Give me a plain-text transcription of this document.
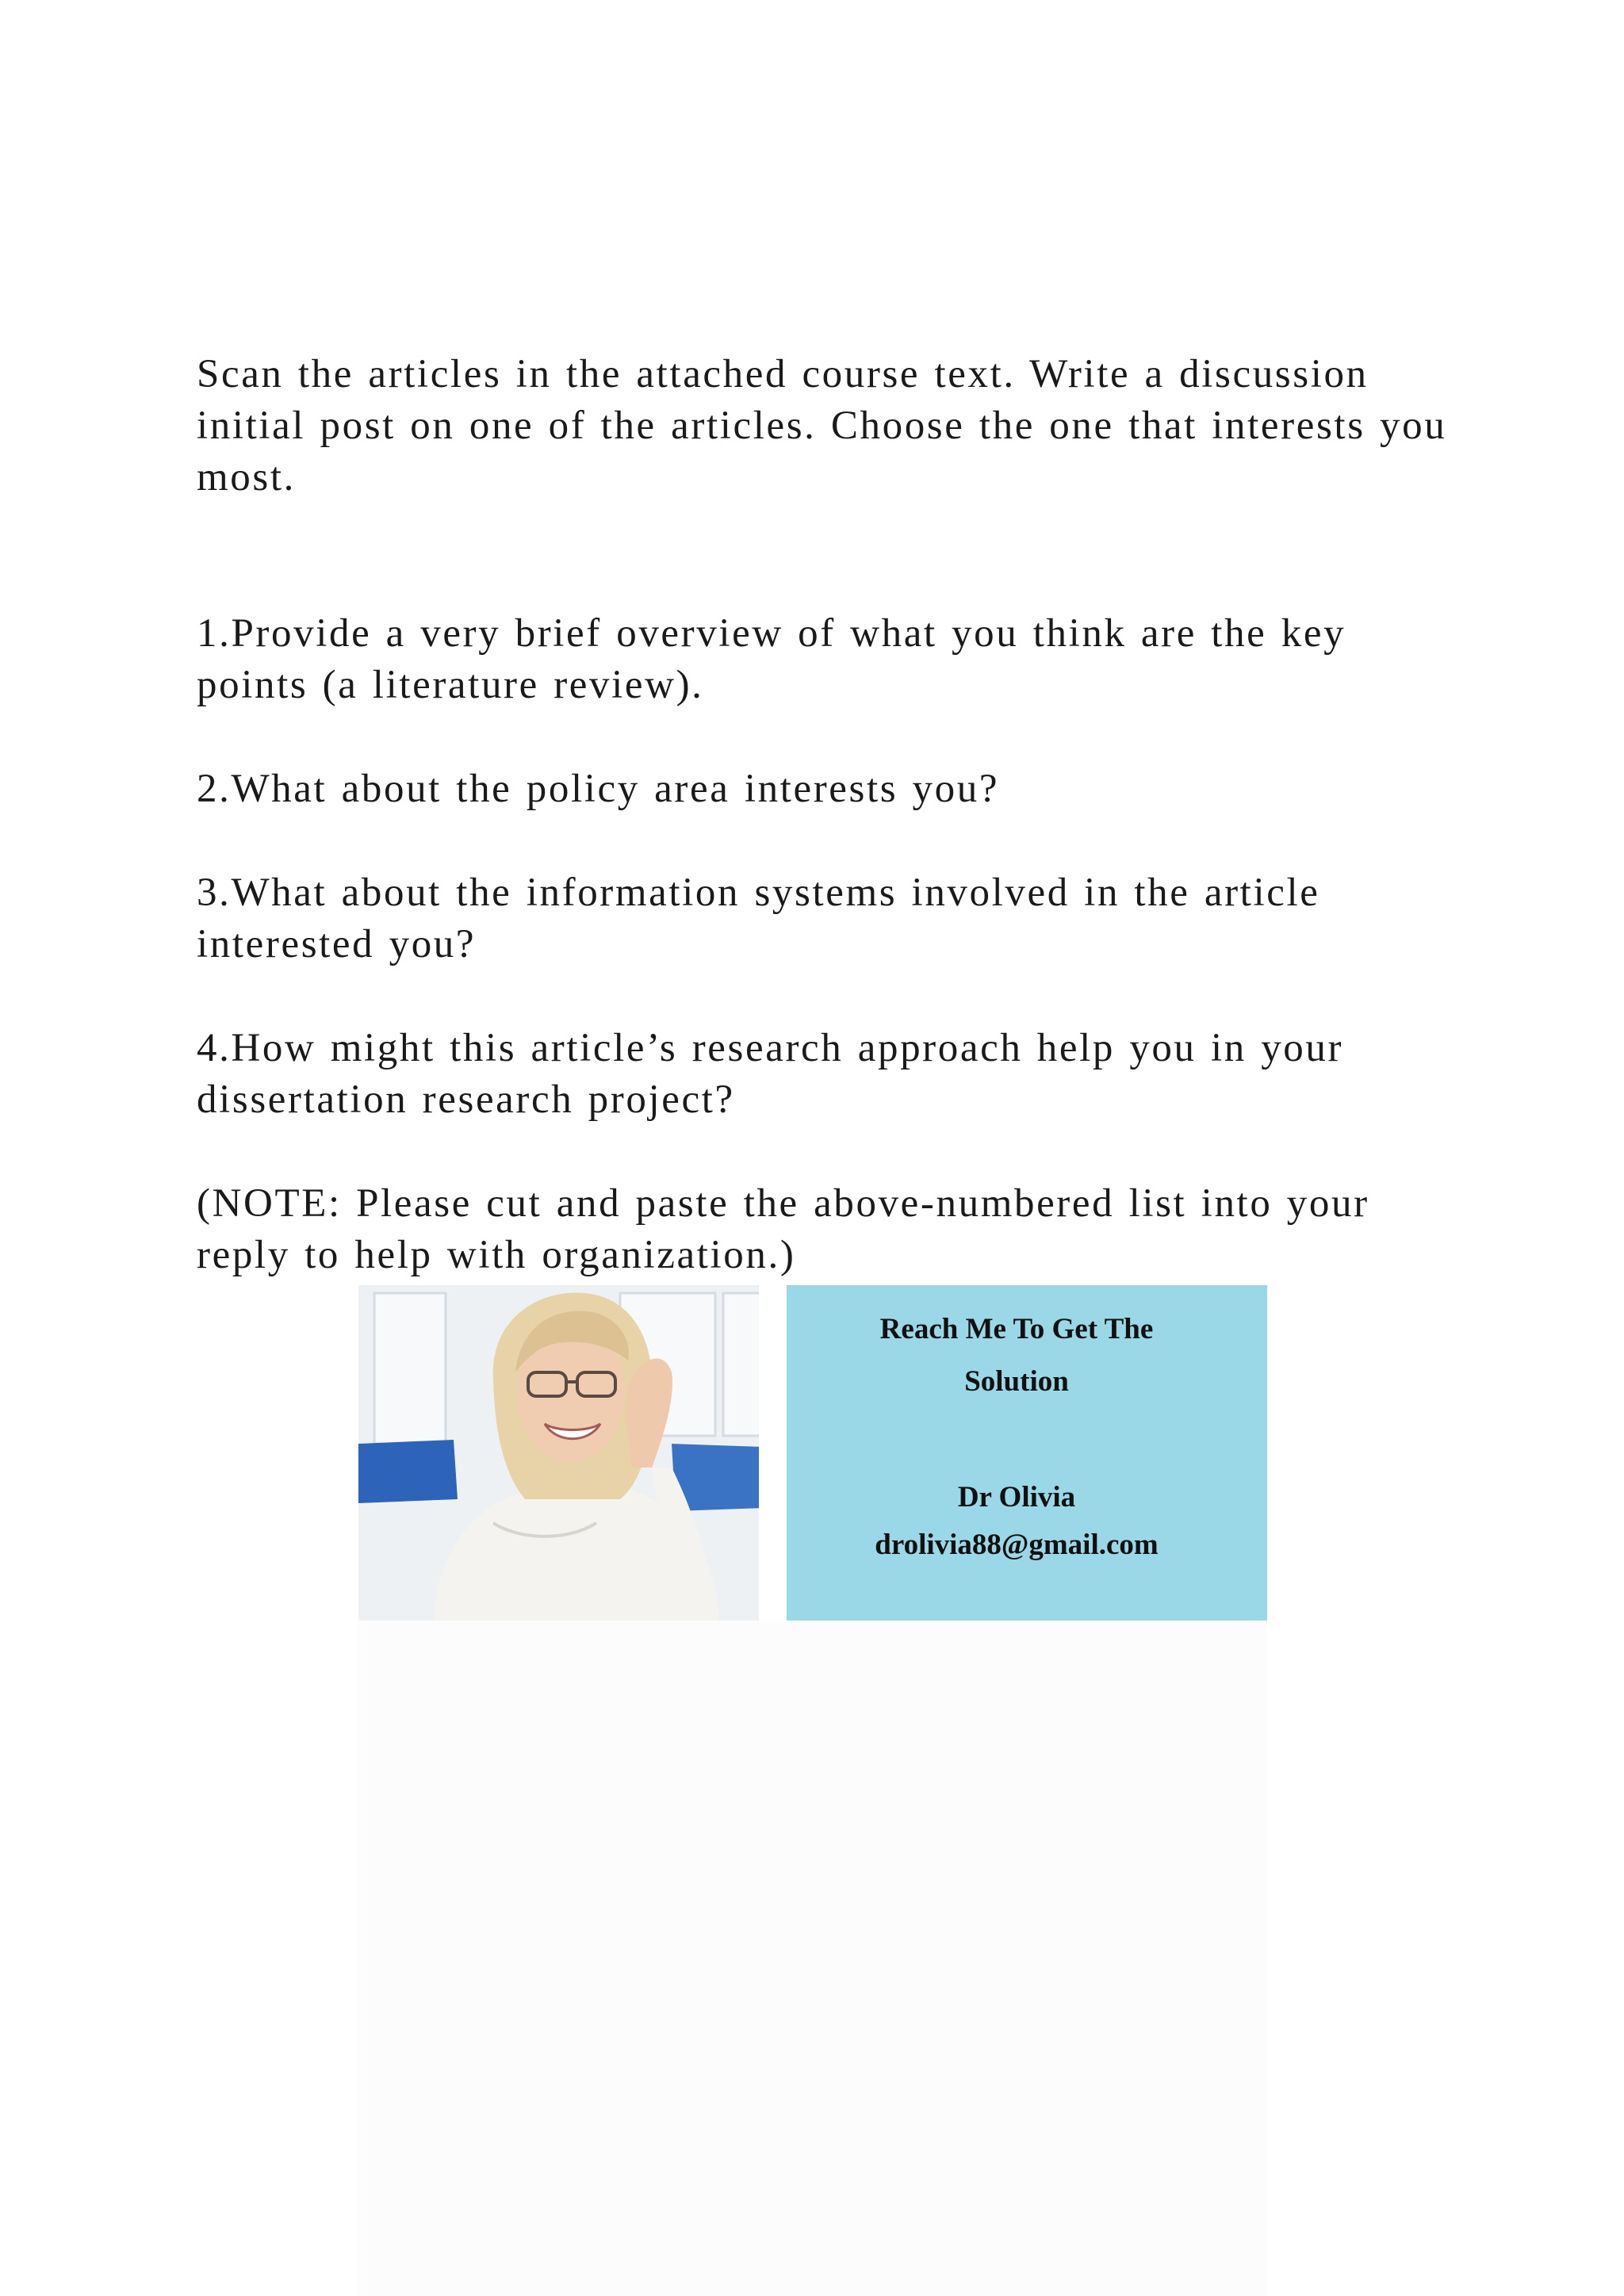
Scan the articles in the attached course text. Write a discussion initial post on one of the articles. Choose the one that interests you most.

1.Provide a very brief overview of what you think are the key points (a literature review).

2.What about the policy area interests you?

3.What about the information systems involved in the article interested you?

4.How might this article’s research approach help you in your dissertation research project?

(NOTE: Please cut and paste the above-numbered list into your reply to help with organization.)

Reach Me To Get The
Solution
Dr Olivia
drolivia88@gmail.com
